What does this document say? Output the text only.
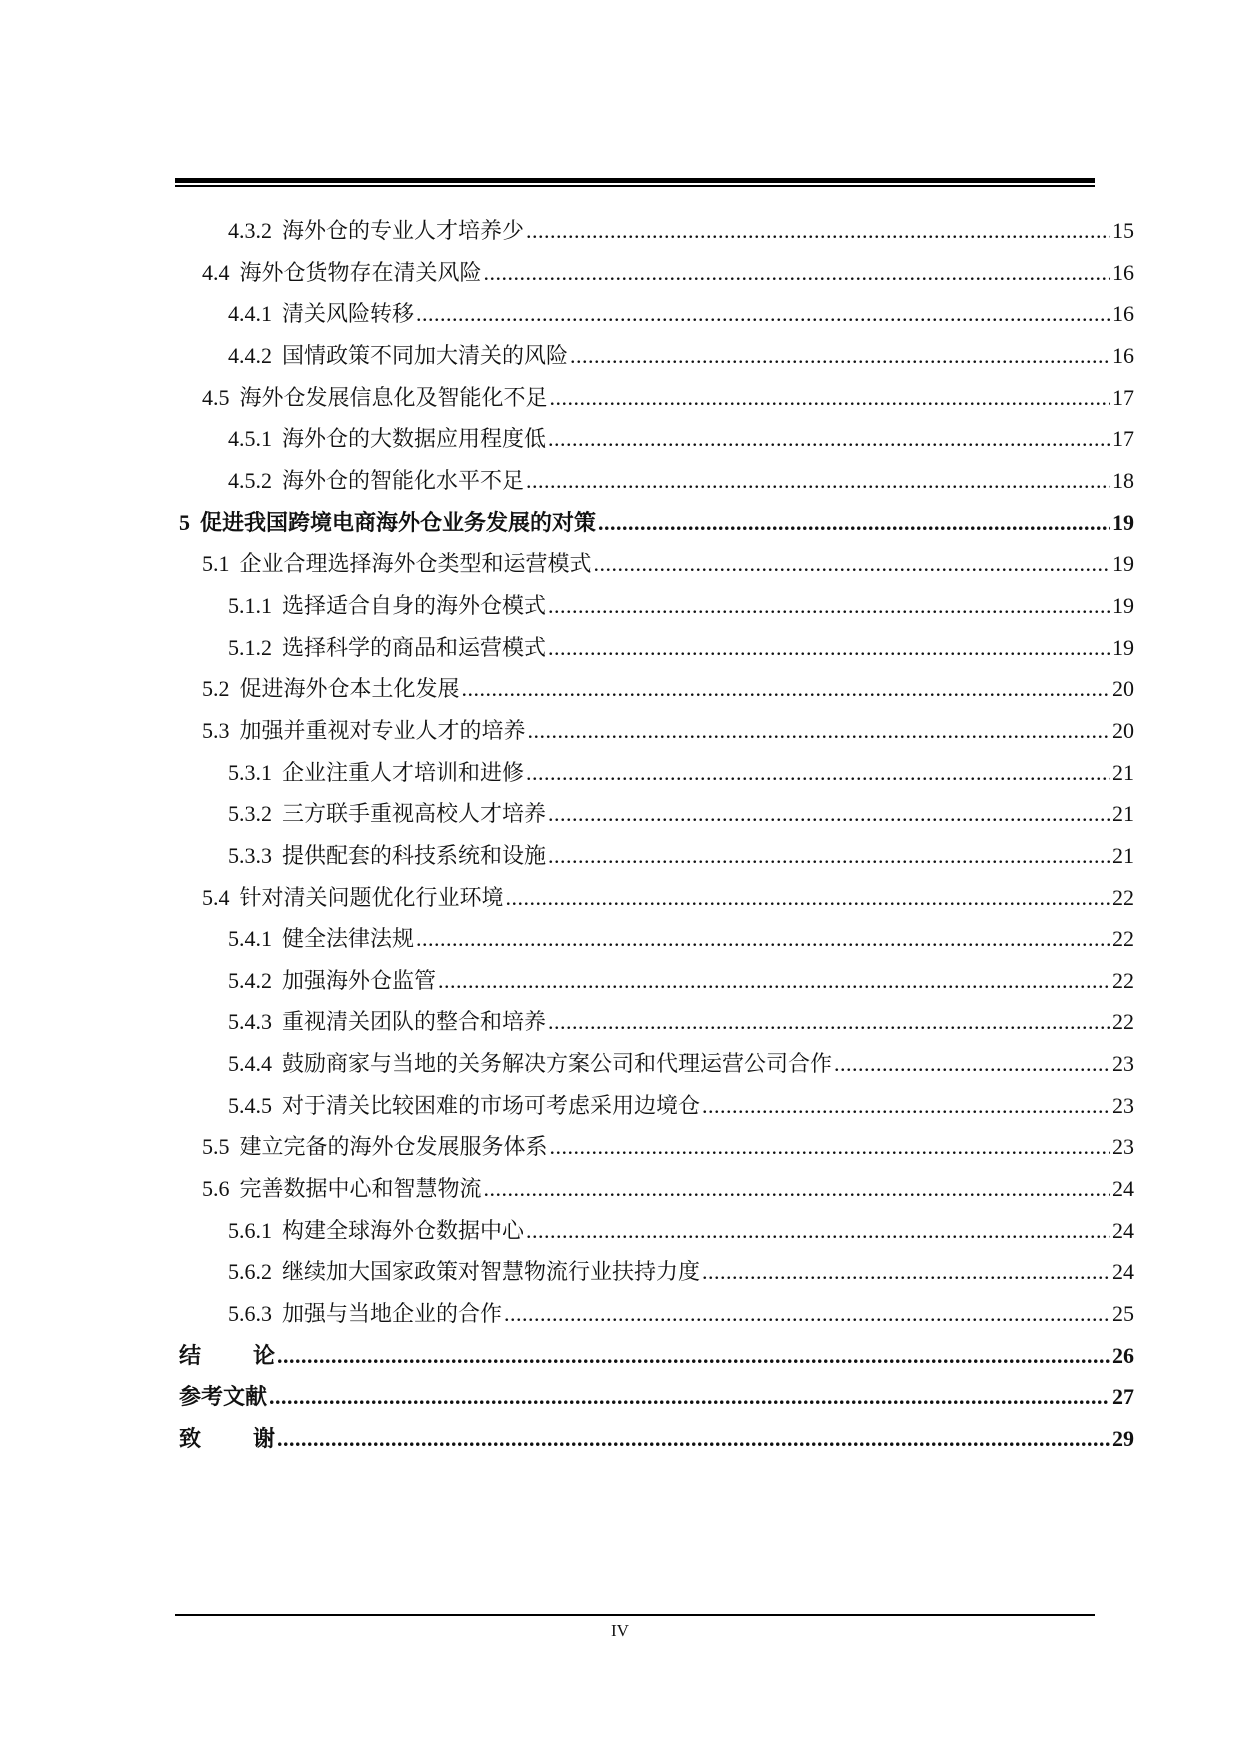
4.3.2 海外仓的专业人才培养少 .....	15
4.4 海外仓货物存在清关风险 .....	16
4.4.1 清关风险转移 .....	16
4.4.2 国情政策不同加大清关的风险 .....	16
4.5 海外仓发展信息化及智能化不足 .....	17
4.5.1 海外仓的大数据应用程度低 .....	17
4.5.2 海外仓的智能化水平不足 .....	18
5 促进我国跨境电商海外仓业务发展的对策 .....	19
5.1 企业合理选择海外仓类型和运营模式 .....	19
5.1.1 选择适合自身的海外仓模式 .....	19
5.1.2 选择科学的商品和运营模式 .....	19
5.2 促进海外仓本土化发展 .....	20
5.3 加强并重视对专业人才的培养 .....	20
5.3.1 企业注重人才培训和进修 .....	21
5.3.2 三方联手重视高校人才培养 .....	21
5.3.3 提供配套的科技系统和设施 .....	21
5.4 针对清关问题优化行业环境 .....	22
5.4.1 健全法律法规 .....	22
5.4.2 加强海外仓监管 .....	22
5.4.3 重视清关团队的整合和培养 .....	22
5.4.4 鼓励商家与当地的关务解决方案公司和代理运营公司合作 .....	23
5.4.5 对于清关比较困难的市场可考虑采用边境仓 .....	23
5.5 建立完备的海外仓发展服务体系 .....	23
5.6 完善数据中心和智慧物流 .....	24
5.6.1 构建全球海外仓数据中心 .....	24
5.6.2 继续加大国家政策对智慧物流行业扶持力度 .....	24
5.6.3 加强与当地企业的合作 .....	25
结 论 .....	26
参考文献 .....	27
致 谢 .....	29
IV
